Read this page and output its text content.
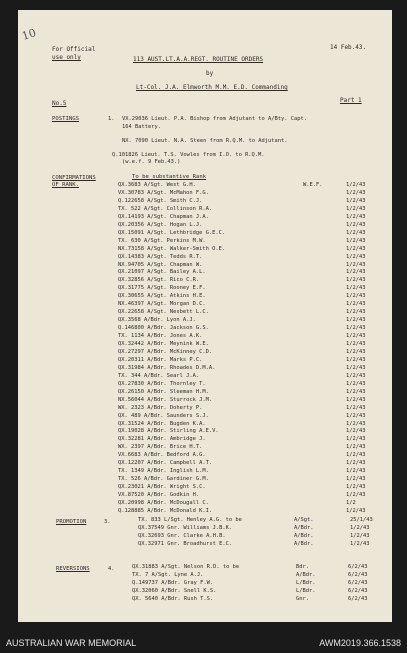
10
For Official
use only
14 Feb.43.
113 AUST.LT.A.A.REGT. ROUTINE ORDERS
by
Lt-Col. J.A. Elmworth M.M. E.D. Commanding
No.5	Part 1
POSTINGS	1. VX.29036 Lieut. P.A. Bishop from Adjutant to A/Bty. Capt.
164 Battery.
NX. 7090 Lieut. N.A. Steen from R.Q.M. to Adjutant.
Q.101826 Lieut. T.S. Vowles from I.O. to R.Q.M.
(w.e.f. 9 Feb.43.)
CONFIRMATIONS
OF RANK.
To be substantive Rank
W.E.F.
QX.3683 A/Sgt. West G.H.	1/2/43
VX.30783 A/Sgt. McMahon F.G.	1/2/43
Q.122658 A/Sgt. Smith C.J.	1/2/43
TX. 522 A/Sgt. Collinson R.A.	1/2/43
QX.14193 A/Sgt. Chapman J.A.	1/2/43
QX.20356 A/Sgt. Hogan L.J.	1/2/43
QX.15091 A/Sgt. Lethbridge G.E.C.	1/2/43
TX. 630 A/Sgt. Perkins M.W.	1/2/43
NX.73158 A/Sgt. Walker-Smith O.E.	1/2/43
QX.14383 A/Sgt. Tedds R.T.	1/2/43
NX.94705 A/Sgt. Chapman W.	1/2/43
QX.21097 A/Sgt. Bailey A.L.	1/2/43
QX.32856 A/Sgt. Rico C.R.	1/2/43
QX.31775 A/Sgt. Rooney E.F.	1/2/43
QX.30655 A/Sgt. Atkins H.E.	1/2/43
NX.46397 A/Sgt. Morgan D.C.	1/2/43
QX.22658 A/Sgt. Nesbett L.C.	1/2/43
QX.3568 A/Bdr. Lyon A.J.	1/2/43
Q.146800 A/Bdr. Jackson G.S.	1/2/43
TX. 1134 A/Bdr. Jones A.K.	1/2/43
QX.32442 A/Bdr. Meynink W.E.	1/2/43
QX.27297 A/Bdr. McKinney C.D.	1/2/43
QX.20311 A/Bdr. Marks P.C.	1/2/43
QX.31984 A/Bdr. Rhoades D.M.A.	1/2/43
TX. 344 A/Bdr. Searl J.A.	1/2/43
QX.27830 A/Bdr. Thornley T.	1/2/43
QX.26150 A/Bdr. Sleeman H.M.	1/2/43
NX.56044 A/Bdr. Sturrock J.M.	1/2/43
WX. 2323 A/Bdr. Doherty P.	1/2/43
QX. 489 A/Bdr. Saunders S.J.	1/2/43
QX.31524 A/Bdr. Bugden K.A.	1/2/43
QX.19028 A/Bdr. Stirling A.E.V.	1/2/43
QX.32281 A/Bdr. Ambridge J.	1/2/43
WX. 2397 A/Bdr. Brice H.T.	1/2/43
VX.6683 A/Bdr. Bedford A.G.	1/2/43
QX.12207 A/Bdr. Campbell A.T.	1/2/43
TX. 1349 A/Bdr. Inglish L.M.	1/2/43
TX. 526 A/Bdr. Gardiner G.M.	1/2/43
QX.23021 A/Bdr. Wright S.C.	1/2/43
VX.87520 A/Bdr. Godkin H.	1/2/43
QX.20998 A/Bdr. McDougall C.	1/2
Q.128885 A/Bdr. McDonald K.I.	1/2/43
PROMOTION	3.	TX. 833 L/Sgt. Henley A.G. to be	A/Sgt.	25/1/43
QX.37549 Gnr. Williams J.B.K.	A/Bdr.	1/2/43
QX.32693 Gnr. Clarke A.H.B.	A/Bdr.	1/2/43
QX.32971 Gnr. Broadhurst E.C.	A/Bdr.	1/2/43
REVERSIONS	4.	QX.31883 A/Sgt. Nelson R.D. to be	Bdr.	6/2/43
TX. 7 A/Sgt. Lyne A.J.	A/Bdr.	6/2/43
Q.149737 A/Bdr. Gray F.W.	L/Bdr.	6/2/43
QX.32060 A/Bdr. Snell K.S.	L/Bdr.	6/2/43
QX. 5640 A/Bdr. Rush T.S.	Gnr.	6/2/43
AUSTRALIAN WAR MEMORIAL	AWM2019.366.1538
